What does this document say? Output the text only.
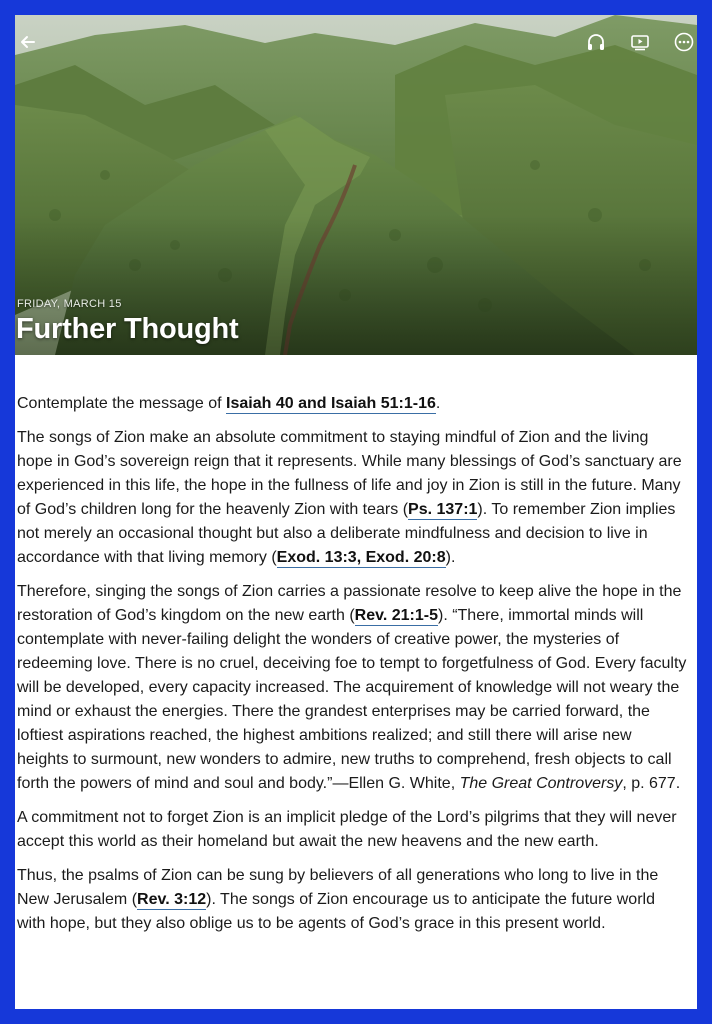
FRIDAY, MARCH 15
Further Thought

Contemplate the message of Isaiah 40 and Isaiah 51:1-16.

The songs of Zion make an absolute commitment to staying mindful of Zion and the living hope in God’s sovereign reign that it represents. While many blessings of God’s sanctuary are experienced in this life, the hope in the fullness of life and joy in Zion is still in the future. Many of God’s children long for the heavenly Zion with tears (Ps. 137:1). To remember Zion implies not merely an occasional thought but also a deliberate mindfulness and decision to live in accordance with that living memory (Exod. 13:3, Exod. 20:8).

Therefore, singing the songs of Zion carries a passionate resolve to keep alive the hope in the restoration of God’s kingdom on the new earth (Rev. 21:1-5). “There, immortal minds will contemplate with never-failing delight the wonders of creative power, the mysteries of redeeming love. There is no cruel, deceiving foe to tempt to forgetfulness of God. Every faculty will be developed, every capacity increased. The acquirement of knowledge will not weary the mind or exhaust the energies. There the grandest enterprises may be carried forward, the loftiest aspirations reached, the highest ambitions realized; and still there will arise new heights to surmount, new wonders to admire, new truths to comprehend, fresh objects to call forth the powers of mind and soul and body.”—Ellen G. White, The Great Controversy, p. 677.

A commitment not to forget Zion is an implicit pledge of the Lord’s pilgrims that they will never accept this world as their homeland but await the new heavens and the new earth.

Thus, the psalms of Zion can be sung by believers of all generations who long to live in the New Jerusalem (Rev. 3:12). The songs of Zion encourage us to anticipate the future world with hope, but they also oblige us to be agents of God’s grace in this present world.
